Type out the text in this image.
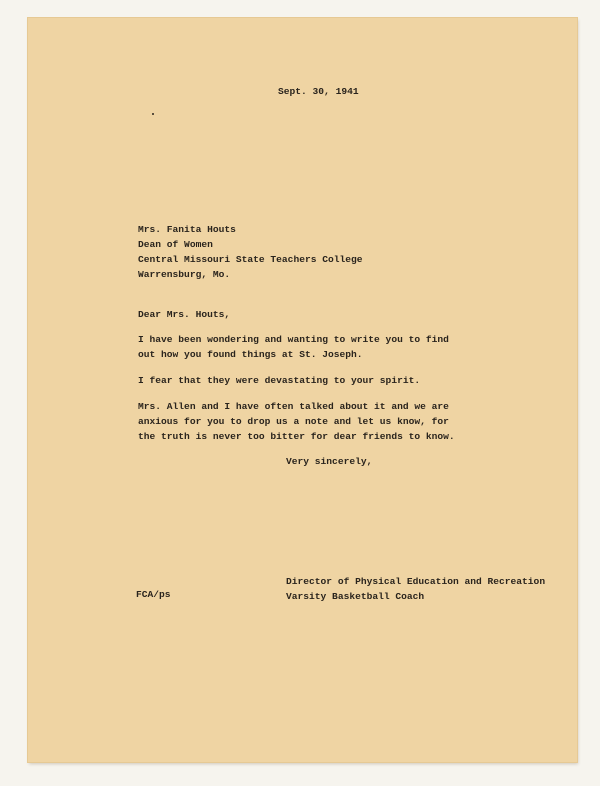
Sept. 30, 1941

Mrs. Fanita Houts

Dean of Women

Central Missouri State Teachers College

Warrensburg, Mo.

Dear Mrs. Houts,

I have been wondering and wanting to write you to find

out how you found things at St. Joseph.

I fear that they were devastating to your spirit.

Mrs. Allen and I have often talked about it and we are

anxious for you to drop us a note and let us know, for

the truth is never too bitter for dear friends to know.

Very sincerely,

FCA/ps

Director of Physical Education and Recreation

Varsity Basketball Coach
